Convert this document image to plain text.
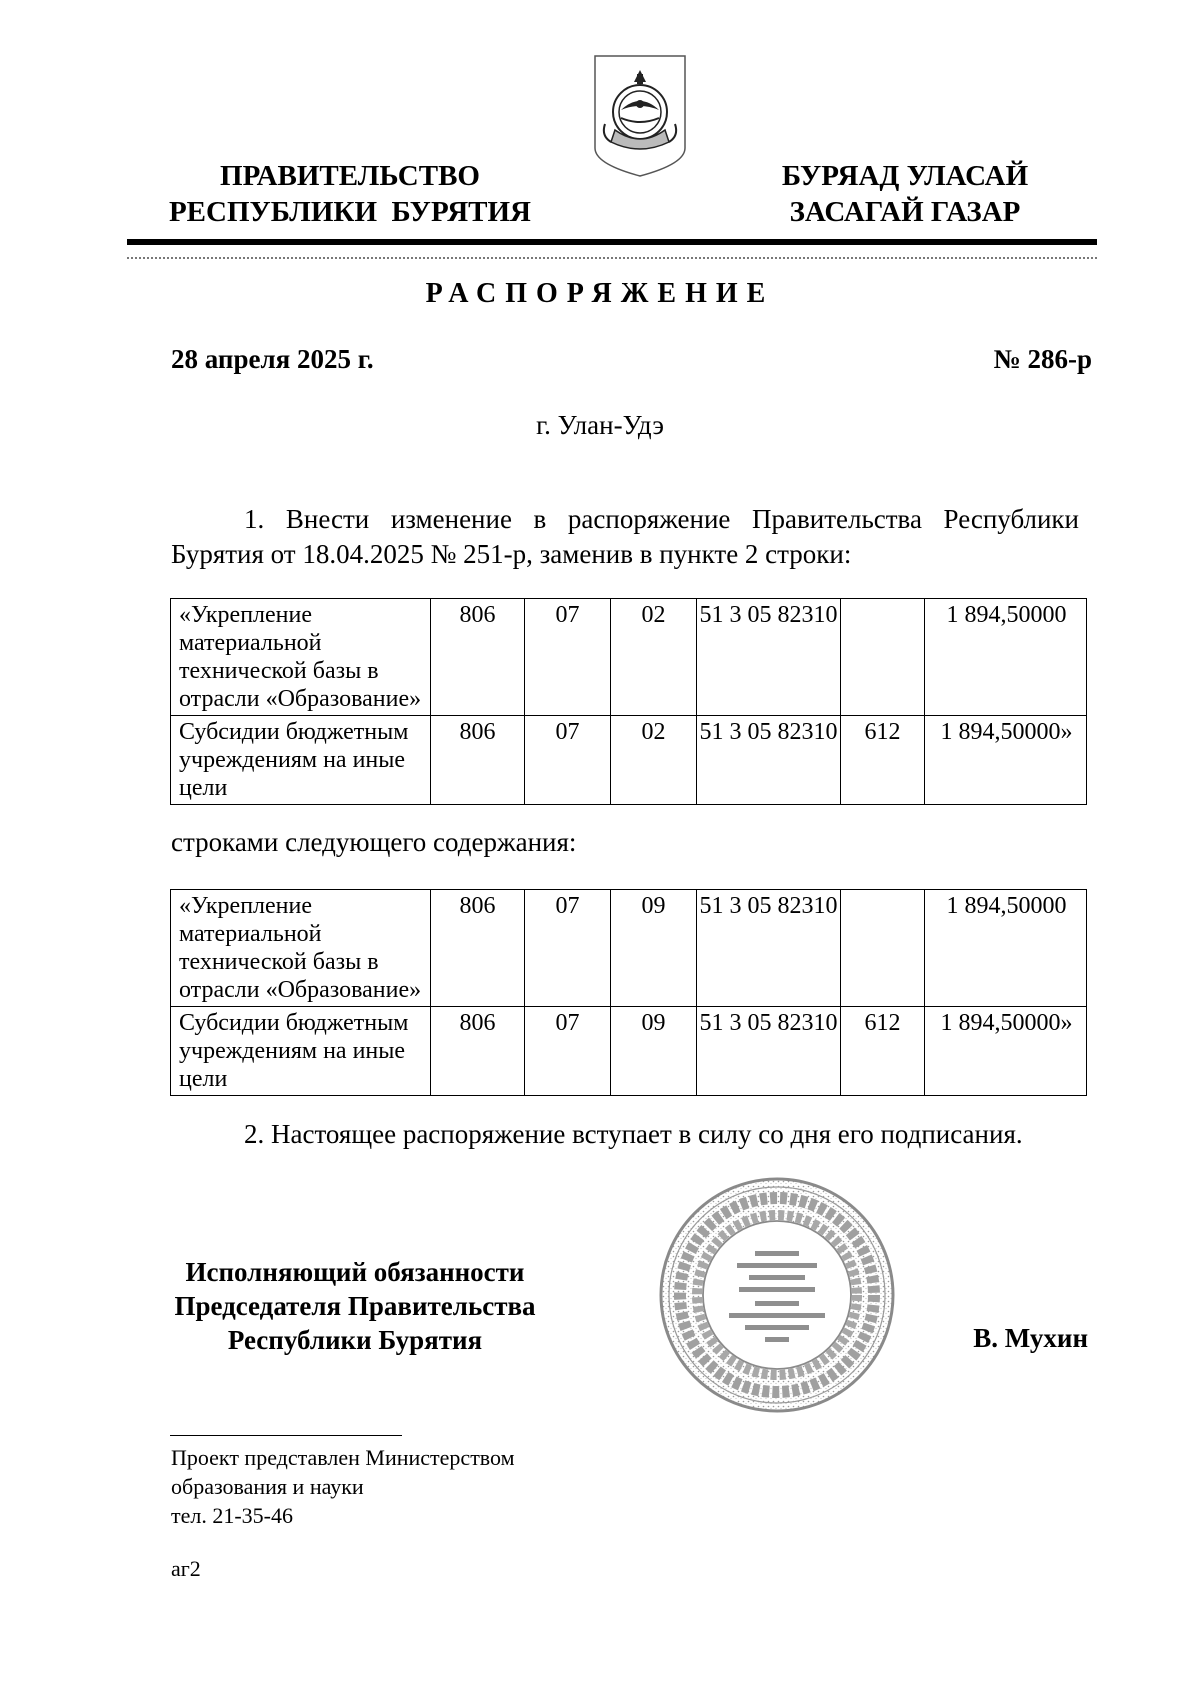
ПРАВИТЕЛЬСТВО
РЕСПУБЛИКИ  БУРЯТИЯ
БУРЯАД УЛАСАЙ
ЗАСАГАЙ ГАЗАР
РАСПОРЯЖЕНИЕ
28 апреля 2025 г.	№ 286-р
г. Улан-Удэ
1. Внести изменение в распоряжение Правительства Республики Бурятия от 18.04.2025 № 251-р, заменив в пункте 2 строки:
«Укрепление материальной технической базы в отрасли «Образование»	806	07	02	51 3 05 82310		1 894,50000
Субсидии бюджетным учреждениям на иные цели	806	07	02	51 3 05 82310	612	1 894,50000»
строками следующего содержания:
«Укрепление материальной технической базы в отрасли «Образование»	806	07	09	51 3 05 82310		1 894,50000
Субсидии бюджетным учреждениям на иные цели	806	07	09	51 3 05 82310	612	1 894,50000»
2. Настоящее распоряжение вступает в силу со дня его подписания.
Исполняющий обязанности
Председателя Правительства
Республики Бурятия	В. Мухин
Проект представлен Министерством
образования и науки
тел. 21-35-46
аг2
